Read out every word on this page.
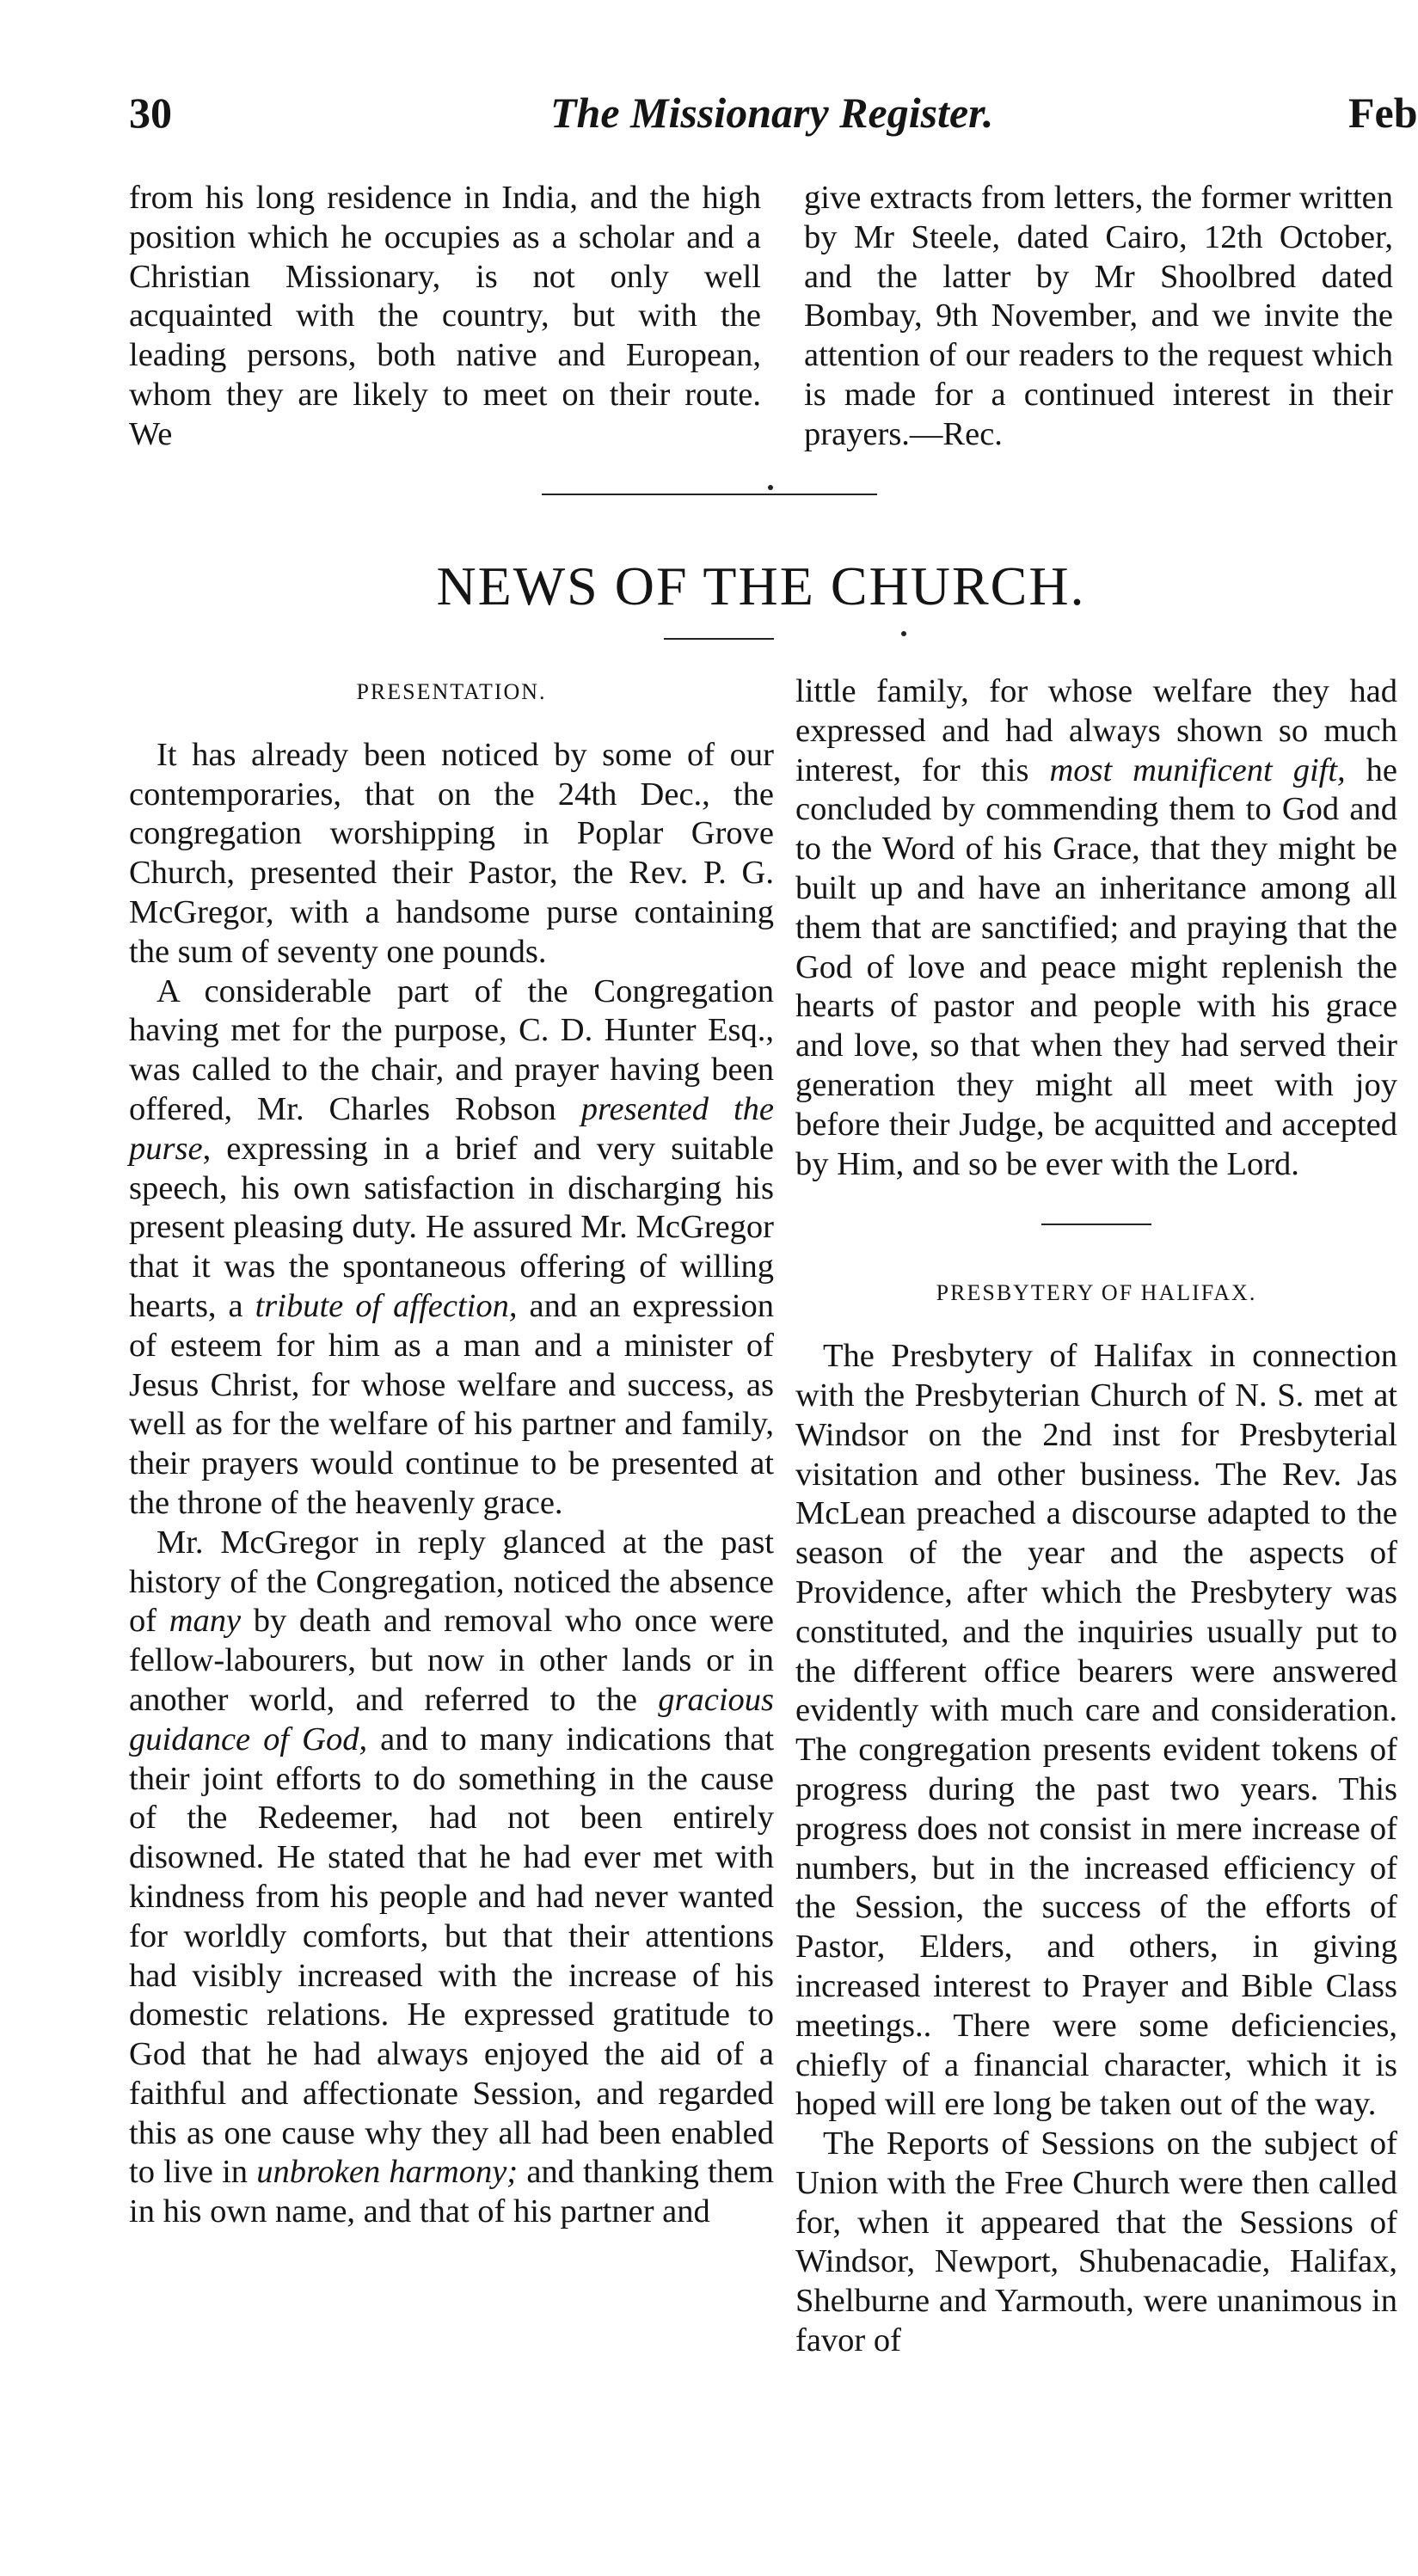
30	The Missionary Register.	Feb

from his long residence in India, and the high position which he occupies as a scholar and a Christian Missionary, is not only well acquainted with the country, but with the leading persons, both native and European, whom they are likely to meet on their route. We

give extracts from letters, the former written by Mr Steele, dated Cairo, 12th October, and the latter by Mr Shoolbred dated Bombay, 9th November, and we invite the attention of our readers to the request which is made for a continued interest in their prayers.—Rec.

NEWS OF THE CHURCH.
PRESENTATION.

It has already been noticed by some of our contemporaries, that on the 24th Dec., the congregation worshipping in Poplar Grove Church, presented their Pastor, the Rev. P. G. McGregor, with a handsome purse containing the sum of seventy one pounds.

A considerable part of the Congregation having met for the purpose, C. D. Hunter Esq., was called to the chair, and prayer having been offered, Mr. Charles Robson presented the purse, expressing in a brief and very suitable speech, his own satisfaction in discharging his present pleasing duty. He assured Mr. McGregor that it was the spontaneous offering of willing hearts, a tribute of affection, and an expression of esteem for him as a man and a minister of Jesus Christ, for whose welfare and success, as well as for the welfare of his partner and family, their prayers would continue to be presented at the throne of the heavenly grace.

Mr. McGregor in reply glanced at the past history of the Congregation, noticed the absence of many by death and removal who once were fellow-labourers, but now in other lands or in another world, and referred to the gracious guidance of God, and to many indications that their joint efforts to do something in the cause of the Redeemer, had not been entirely disowned. He stated that he had ever met with kindness from his people and had never wanted for worldly comforts, but that their attentions had visibly increased with the increase of his domestic relations. He expressed gratitude to God that he had always enjoyed the aid of a faithful and affectionate Session, and regarded this as one cause why they all had been enabled to live in unbroken harmony; and thanking them in his own name, and that of his partner and

little family, for whose welfare they had expressed and had always shown so much interest, for this most munificent gift, he concluded by commending them to God and to the Word of his Grace, that they might be built up and have an inheritance among all them that are sanctified; and praying that the God of love and peace might replenish the hearts of pastor and people with his grace and love, so that when they had served their generation they might all meet with joy before their Judge, be acquitted and accepted by Him, and so be ever with the Lord.

PRESBYTERY OF HALIFAX.

The Presbytery of Halifax in connection with the Presbyterian Church of N. S. met at Windsor on the 2nd inst for Presbyterial visitation and other business. The Rev. Jas McLean preached a discourse adapted to the season of the year and the aspects of Providence, after which the Presbytery was constituted, and the inquiries usually put to the different office bearers were answered evidently with much care and consideration. The congregation presents evident tokens of progress during the past two years. This progress does not consist in mere increase of numbers, but in the increased efficiency of the Session, the success of the efforts of Pastor, Elders, and others, in giving increased interest to Prayer and Bible Class meetings.. There were some deficiencies, chiefly of a financial character, which it is hoped will ere long be taken out of the way.

The Reports of Sessions on the subject of Union with the Free Church were then called for, when it appeared that the Sessions of Windsor, Newport, Shubenacadie, Halifax, Shelburne and Yarmouth, were unanimous in favor of
